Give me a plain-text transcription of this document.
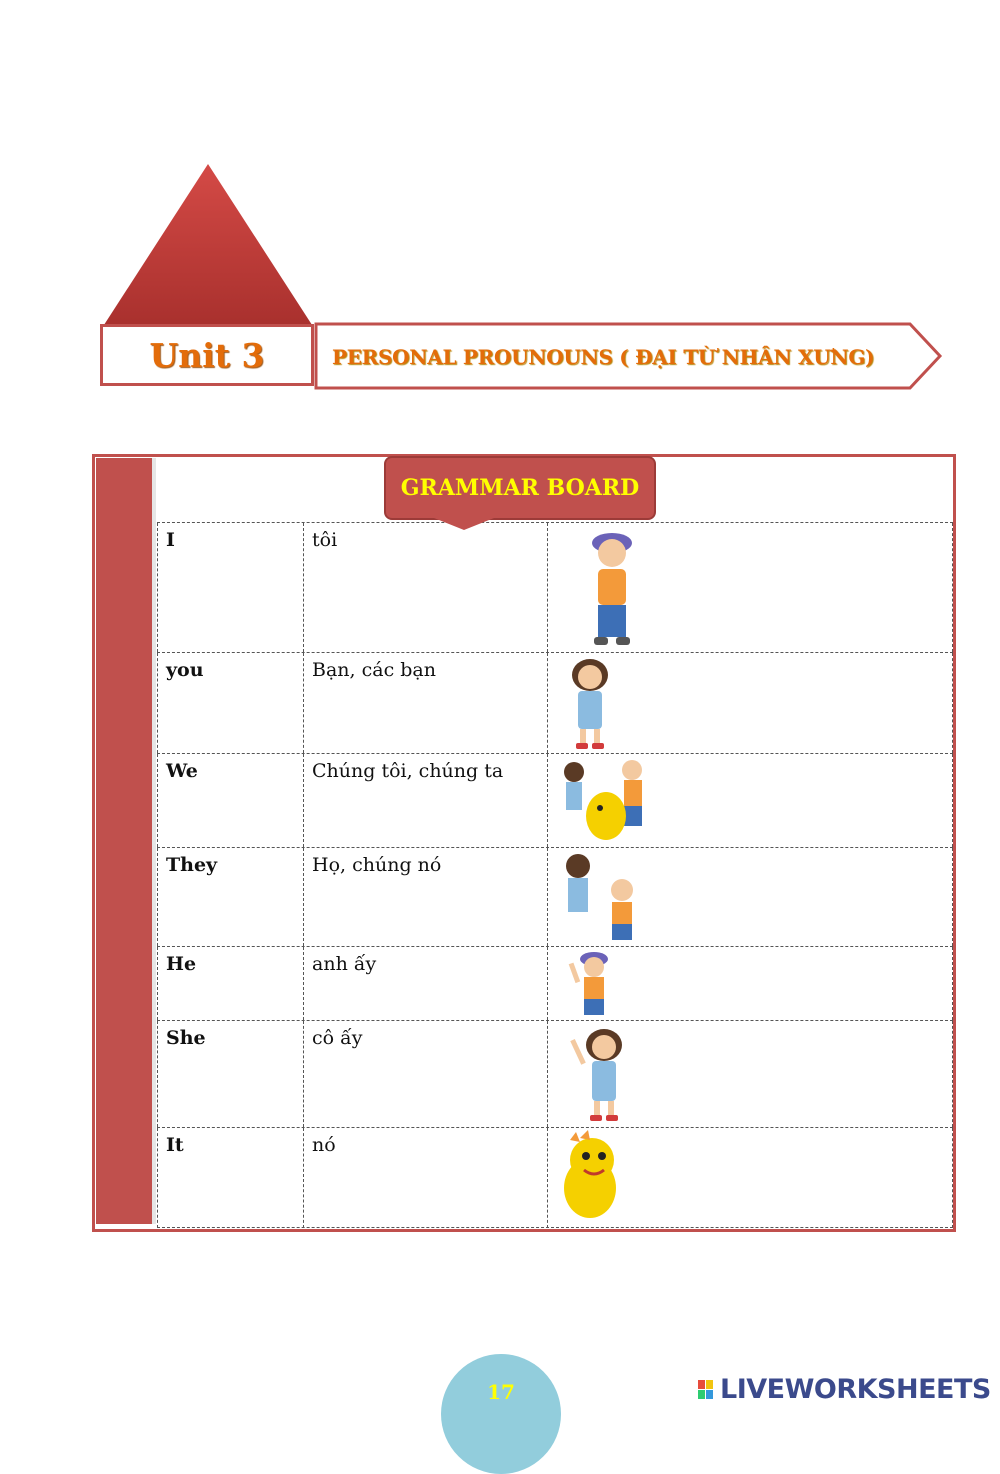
Unit 3	PERSONAL PROUNOUNS ( ĐẠI TỪ NHÂN XƯNG)
I	tôi
you	Bạn, các bạn
We	Chúng tôi, chúng ta
They	Họ, chúng nó
He	anh ấy
She	cô ấy
It	nó
GRAMMAR BOARD
17	LIVEWORKSHEETS
